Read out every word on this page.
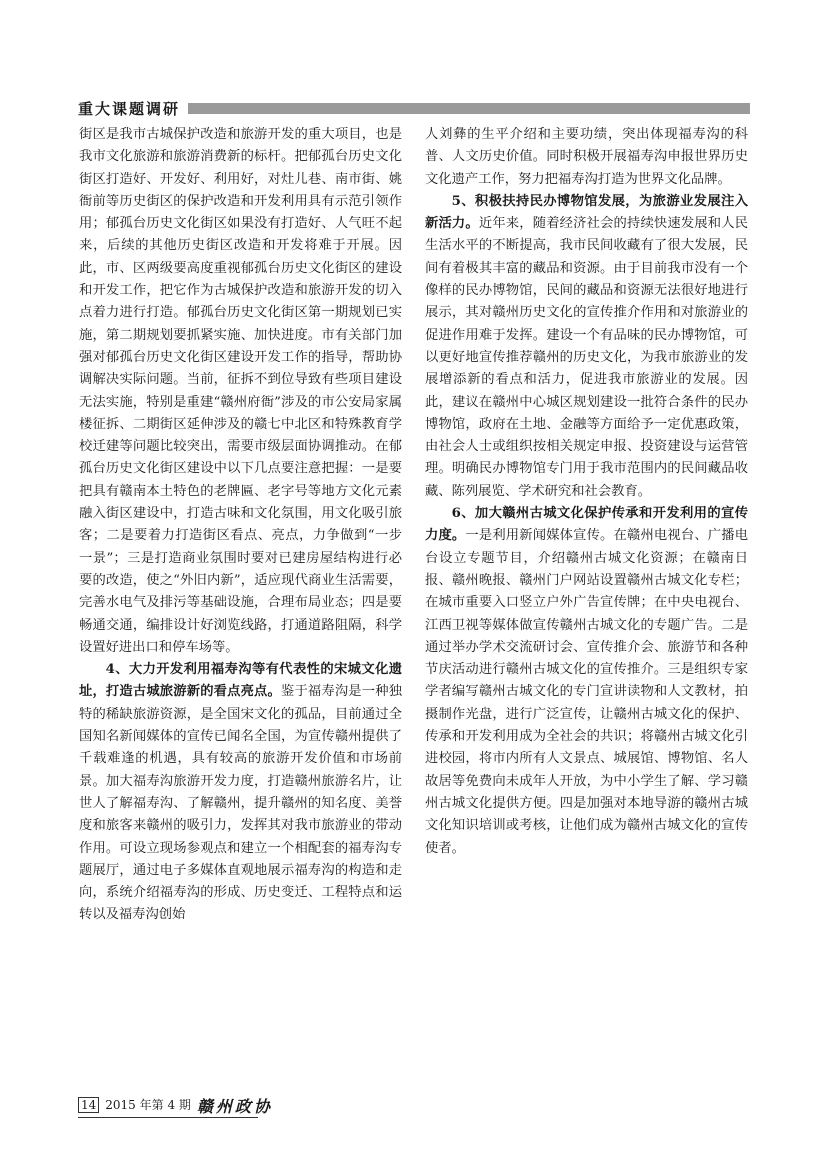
重大课题调研

街区是我市古城保护改造和旅游开发的重大项目，也是我市文化旅游和旅游消费新的标杆。把郁孤台历史文化街区打造好、开发好、利用好，对灶儿巷、南市街、姚衙前等历史街区的保护改造和开发利用具有示范引领作用；郁孤台历史文化街区如果没有打造好、人气旺不起来，后续的其他历史街区改造和开发将难于开展。因此，市、区两级要高度重视郁孤台历史文化街区的建设和开发工作，把它作为古城保护改造和旅游开发的切入点着力进行打造。郁孤台历史文化街区第一期规划已实施，第二期规划要抓紧实施、加快进度。市有关部门加强对郁孤台历史文化街区建设开发工作的指导，帮助协调解决实际问题。当前，征拆不到位导致有些项目建设无法实施，特别是重建“赣州府衙”涉及的市公安局家属楼征拆、二期街区延伸涉及的赣七中北区和特殊教育学校迁建等问题比较突出，需要市级层面协调推动。在郁孤台历史文化街区建设中以下几点要注意把握：一是要把具有赣南本土特色的老牌匾、老字号等地方文化元素融入街区建设中，打造古味和文化氛围，用文化吸引旅客；二是要着力打造街区看点、亮点，力争做到“一步一景”；三是打造商业氛围时要对已建房屋结构进行必要的改造，使之“外旧内新”，适应现代商业生活需要，完善水电气及排污等基础设施，合理布局业态；四是要畅通交通，编排设计好浏览线路，打通道路阻隔，科学设置好进出口和停车场等。

4、大力开发利用福寿沟等有代表性的宋城文化遗址，打造古城旅游新的看点亮点。鉴于福寿沟是一种独特的稀缺旅游资源，是全国宋文化的孤品，目前通过全国知名新闻媒体的宣传已闻名全国，为宣传赣州提供了千载难逢的机遇，具有较高的旅游开发价值和市场前景。加大福寿沟旅游开发力度，打造赣州旅游名片，让世人了解福寿沟、了解赣州，提升赣州的知名度、美誉度和旅客来赣州的吸引力，发挥其对我市旅游业的带动作用。可设立现场参观点和建立一个相配套的福寿沟专题展厅，通过电子多媒体直观地展示福寿沟的构造和走向，系统介绍福寿沟的形成、历史变迁、工程特点和运转以及福寿沟创始

人刘彝的生平介绍和主要功绩，突出体现福寿沟的科普、人文历史价值。同时积极开展福寿沟申报世界历史文化遗产工作，努力把福寿沟打造为世界文化品牌。

5、积极扶持民办博物馆发展，为旅游业发展注入新活力。近年来，随着经济社会的持续快速发展和人民生活水平的不断提高，我市民间收藏有了很大发展，民间有着极其丰富的藏品和资源。由于目前我市没有一个像样的民办博物馆，民间的藏品和资源无法很好地进行展示，其对赣州历史文化的宣传推介作用和对旅游业的促进作用难于发挥。建设一个有品味的民办博物馆，可以更好地宣传推荐赣州的历史文化，为我市旅游业的发展增添新的看点和活力，促进我市旅游业的发展。因此，建议在赣州中心城区规划建设一批符合条件的民办博物馆，政府在土地、金融等方面给予一定优惠政策，由社会人士或组织按相关规定申报、投资建设与运营管理。明确民办博物馆专门用于我市范围内的民间藏品收藏、陈列展览、学术研究和社会教育。

6、加大赣州古城文化保护传承和开发利用的宣传力度。一是利用新闻媒体宣传。在赣州电视台、广播电台设立专题节目，介绍赣州古城文化资源；在赣南日报、赣州晚报、赣州门户网站设置赣州古城文化专栏；在城市重要入口竖立户外广告宣传牌；在中央电视台、江西卫视等媒体做宣传赣州古城文化的专题广告。二是通过举办学术交流研讨会、宣传推介会、旅游节和各种节庆活动进行赣州古城文化的宣传推介。三是组织专家学者编写赣州古城文化的专门宣讲读物和人文教材，拍摄制作光盘，进行广泛宣传，让赣州古城文化的保护、传承和开发利用成为全社会的共识；将赣州古城文化引进校园，将市内所有人文景点、城展馆、博物馆、名人故居等免费向未成年人开放，为中小学生了解、学习赣州古城文化提供方便。四是加强对本地导游的赣州古城文化知识培训或考核，让他们成为赣州古城文化的宣传使者。

14 2015 年第 4 期 赣州政协
